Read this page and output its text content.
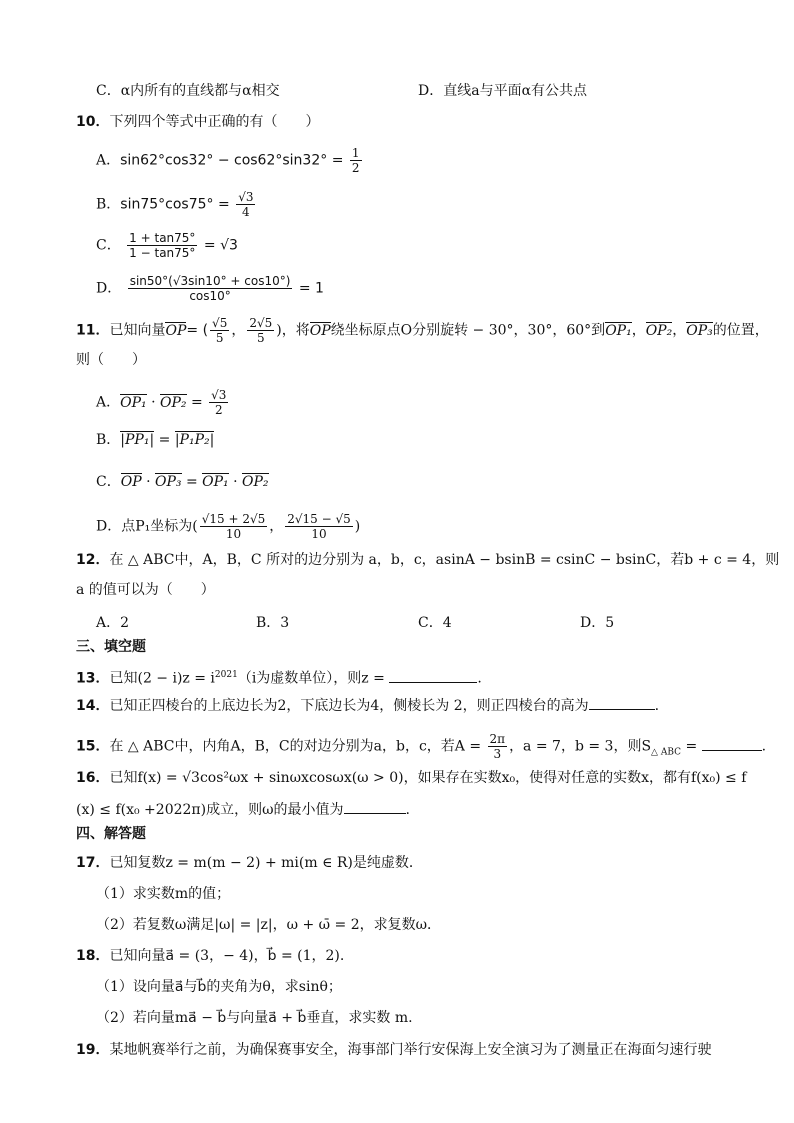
C．α内所有的直线都与α相交	D．直线a与平面α有公共点
10．下列四个等式中正确的有（　　）
A．$\sin 62^\circ\cos 32^\circ - \cos 62^\circ\sin 32^\circ = \frac{1}{2}$
B．$\sin 75^\circ\cos 75^\circ = \frac{√3}{4}$
C． $\frac{1 + \tan 75^\circ}{1 - \tan 75^\circ} = √3$
D． $\frac{\sin 50^\circ(√3\sin 10^\circ + \cos 10^\circ)}{\cos 10^\circ} = 1$
11．已知向量OP= ( $\frac{√5}{5}$ ， $\frac{2√5}{5}$ )，将OP绕坐标原点O分别旋转 − 30°，30°，60°到OP₁，OP₂，OP₃的位置，
则（　　）
A．$OP_1 \cdot OP_2 = \frac{√3}{2}$
B．|PP₁| = |P₁P₂|
C．OP · OP₃ = OP₁ · OP₂
D．点P₁坐标为( $\frac{√15 + 2√5}{10}$ ， $\frac{2√15 - √5}{10}$ )
12．在 △ ABC中，A，B，C 所对的边分别为 a，b，c，asinA − bsinB = csinC − bsinC，若b + c = 4，则
a 的值可以为（　　）
A．2	B．3	C．4	D．5
三、填空题
13．已知$(2 - i)z = i^{2021}(i$为虚数单位），则z =	.
14．已知正四棱台的上底边长为2，下底边长为4，侧棱长为 2，则正四棱台的高为	.
15．在 △ ABC中，内角A，B，C的对边分别为a，b，c，若$A = \frac{2\pi}{3}$ ，a = 7，b = 3，则$S_{\triangle ABC}$ =	.
16．已知f(x) = √3cos²ωx + sinωxcosωx(ω > 0)，如果存在实数x₀，使得对任意的实数x，都有f(x₀) ≤ f
(x) ≤ f(x₀ +2022π)成立，则ω的最小值为	.
四、解答题
17．已知复数z = m(m − 2) + mi(m ∈ R)是纯虚数．
（1）求实数m的值；
（2）若复数ω满足|ω| = |z|，ω + ω̄ = 2，求复数ω．
18．已知向量a⃗ = (3，− 4)，b⃗ = (1，2).
（1）设向量a⃗与b⃗的夹角为θ，求sinθ；
（2）若向量ma⃗ − b⃗与向量a⃗ + b⃗垂直，求实数 m.
19．某地帆赛举行之前，为确保赛事安全，海事部门举行安保海上安全演习为了测量正在海面匀速行驶
